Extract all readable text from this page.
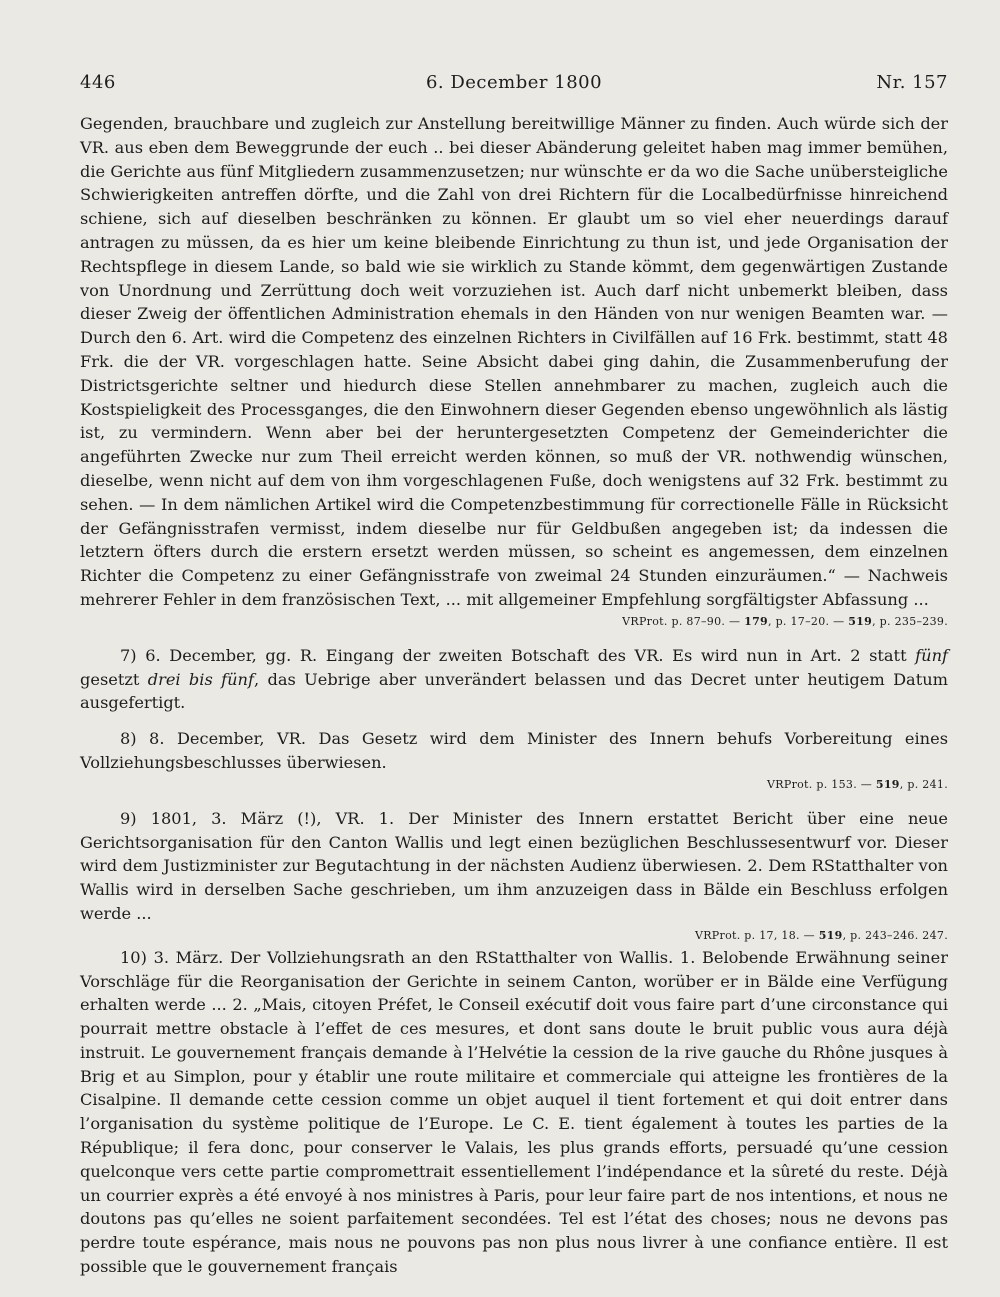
446	6. December 1800	Nr. 157

Gegenden, brauchbare und zugleich zur Anstellung bereitwillige Männer zu finden. Auch würde sich der VR. aus eben dem Beweggrunde der euch .. bei dieser Abänderung geleitet haben mag immer bemühen, die Gerichte aus fünf Mitgliedern zusammenzusetzen; nur wünschte er da wo die Sache unübersteigliche Schwierigkeiten antreffen dörfte, und die Zahl von drei Richtern für die Localbedürfnisse hinreichend schiene, sich auf dieselben beschränken zu können. Er glaubt um so viel eher neuerdings darauf antragen zu müssen, da es hier um keine bleibende Einrichtung zu thun ist, und jede Organisation der Rechtspflege in diesem Lande, so bald wie sie wirklich zu Stande kömmt, dem gegenwärtigen Zustande von Unordnung und Zerrüttung doch weit vorzuziehen ist. Auch darf nicht unbemerkt bleiben, dass dieser Zweig der öffentlichen Administration ehemals in den Händen von nur wenigen Beamten war. — Durch den 6. Art. wird die Competenz des einzelnen Richters in Civilfällen auf 16 Frk. bestimmt, statt 48 Frk. die der VR. vorgeschlagen hatte. Seine Absicht dabei ging dahin, die Zusammenberufung der Districtsgerichte seltner und hiedurch diese Stellen annehmbarer zu machen, zugleich auch die Kostspieligkeit des Processganges, die den Einwohnern dieser Gegenden ebenso ungewöhnlich als lästig ist, zu vermindern. Wenn aber bei der heruntergesetzten Competenz der Gemeinderichter die angeführten Zwecke nur zum Theil erreicht werden können, so muß der VR. nothwendig wünschen, dieselbe, wenn nicht auf dem von ihm vorgeschlagenen Fuße, doch wenigstens auf 32 Frk. bestimmt zu sehen. — In dem nämlichen Artikel wird die Competenzbestimmung für correctionelle Fälle in Rücksicht der Gefängnisstrafen vermisst, indem dieselbe nur für Geldbußen angegeben ist; da indessen die letztern öfters durch die erstern ersetzt werden müssen, so scheint es angemessen, dem einzelnen Richter die Competenz zu einer Gefängnisstrafe von zweimal 24 Stunden einzuräumen.“ — Nachweis mehrerer Fehler in dem französischen Text, ... mit allgemeiner Empfehlung sorgfältigster Abfassung ...

VRProt. p. 87–90. — 179, p. 17–20. — 519, p. 235–239.

7) 6. December, gg. R. Eingang der zweiten Botschaft des VR. Es wird nun in Art. 2 statt fünf gesetzt drei bis fünf, das Uebrige aber unverändert belassen und das Decret unter heutigem Datum ausgefertigt.

8) 8. December, VR. Das Gesetz wird dem Minister des Innern behufs Vorbereitung eines Vollziehungsbeschlusses überwiesen.

VRProt. p. 153. — 519, p. 241.

9) 1801, 3. März (!), VR. 1. Der Minister des Innern erstattet Bericht über eine neue Gerichtsorganisation für den Canton Wallis und legt einen bezüglichen Beschlussesentwurf vor. Dieser wird dem Justizminister zur Begutachtung in der nächsten Audienz überwiesen. 2. Dem RStatthalter von Wallis wird in derselben Sache geschrieben, um ihm anzuzeigen dass in Bälde ein Beschluss erfolgen werde ...

VRProt. p. 17, 18. — 519, p. 243–246. 247.

10) 3. März. Der Vollziehungsrath an den RStatthalter von Wallis. 1. Belobende Erwähnung seiner Vorschläge für die Reorganisation der Gerichte in seinem Canton, worüber er in Bälde eine Verfügung erhalten werde ... 2. „Mais, citoyen Préfet, le Conseil exécutif doit vous faire part d’une circonstance qui pourrait mettre obstacle à l’effet de ces mesures, et dont sans doute le bruit public vous aura déjà instruit. Le gouvernement français demande à l’Helvétie la cession de la rive gauche du Rhône jusques à Brig et au Simplon, pour y établir une route militaire et commerciale qui atteigne les frontières de la Cisalpine. Il demande cette cession comme un objet auquel il tient fortement et qui doit entrer dans l’organisation du système politique de l’Europe. Le C. E. tient également à toutes les parties de la République; il fera donc, pour conserver le Valais, les plus grands efforts, persuadé qu’une cession quelconque vers cette partie compromettrait essentiellement l’indépendance et la sûreté du reste. Déjà un courrier exprès a été envoyé à nos ministres à Paris, pour leur faire part de nos intentions, et nous ne doutons pas qu’elles ne soient parfaitement secondées. Tel est l’état des choses; nous ne devons pas perdre toute espérance, mais nous ne pouvons pas non plus nous livrer à une confiance entière. Il est possible que le gouvernement français
